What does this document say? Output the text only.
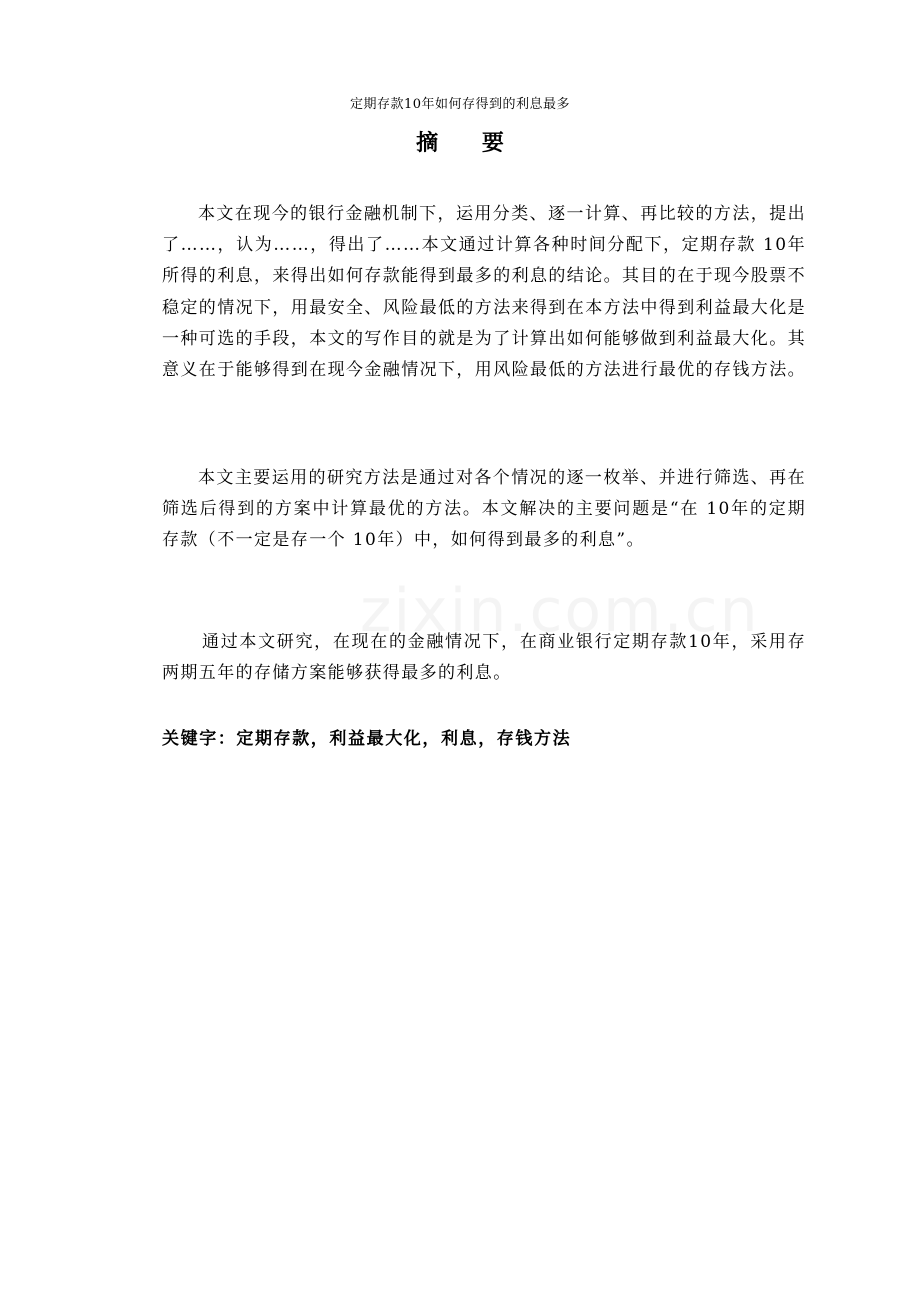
定期存款10年如何存得到的利息最多
摘 要

本文在现今的银行金融机制下，运用分类、逐一计算、再比较的方法，提出了……，认为……，得出了……本文通过计算各种时间分配下，定期存款 10年所得的利息，来得出如何存款能得到最多的利息的结论。其目的在于现今股票不稳定的情况下，用最安全、风险最低的方法来得到在本方法中得到利益最大化是一种可选的手段，本文的写作目的就是为了计算出如何能够做到利益最大化。其意义在于能够得到在现今金融情况下，用风险最低的方法进行最优的存钱方法。

本文主要运用的研究方法是通过对各个情况的逐一枚举、并进行筛选、再在筛选后得到的方案中计算最优的方法。本文解决的主要问题是“在 10年的定期存款（不一定是存一个 10年）中，如何得到最多的利息”。

通过本文研究，在现在的金融情况下，在商业银行定期存款10年，采用存两期五年的存储方案能够获得最多的利息。

关键字：定期存款，利益最大化，利息，存钱方法
